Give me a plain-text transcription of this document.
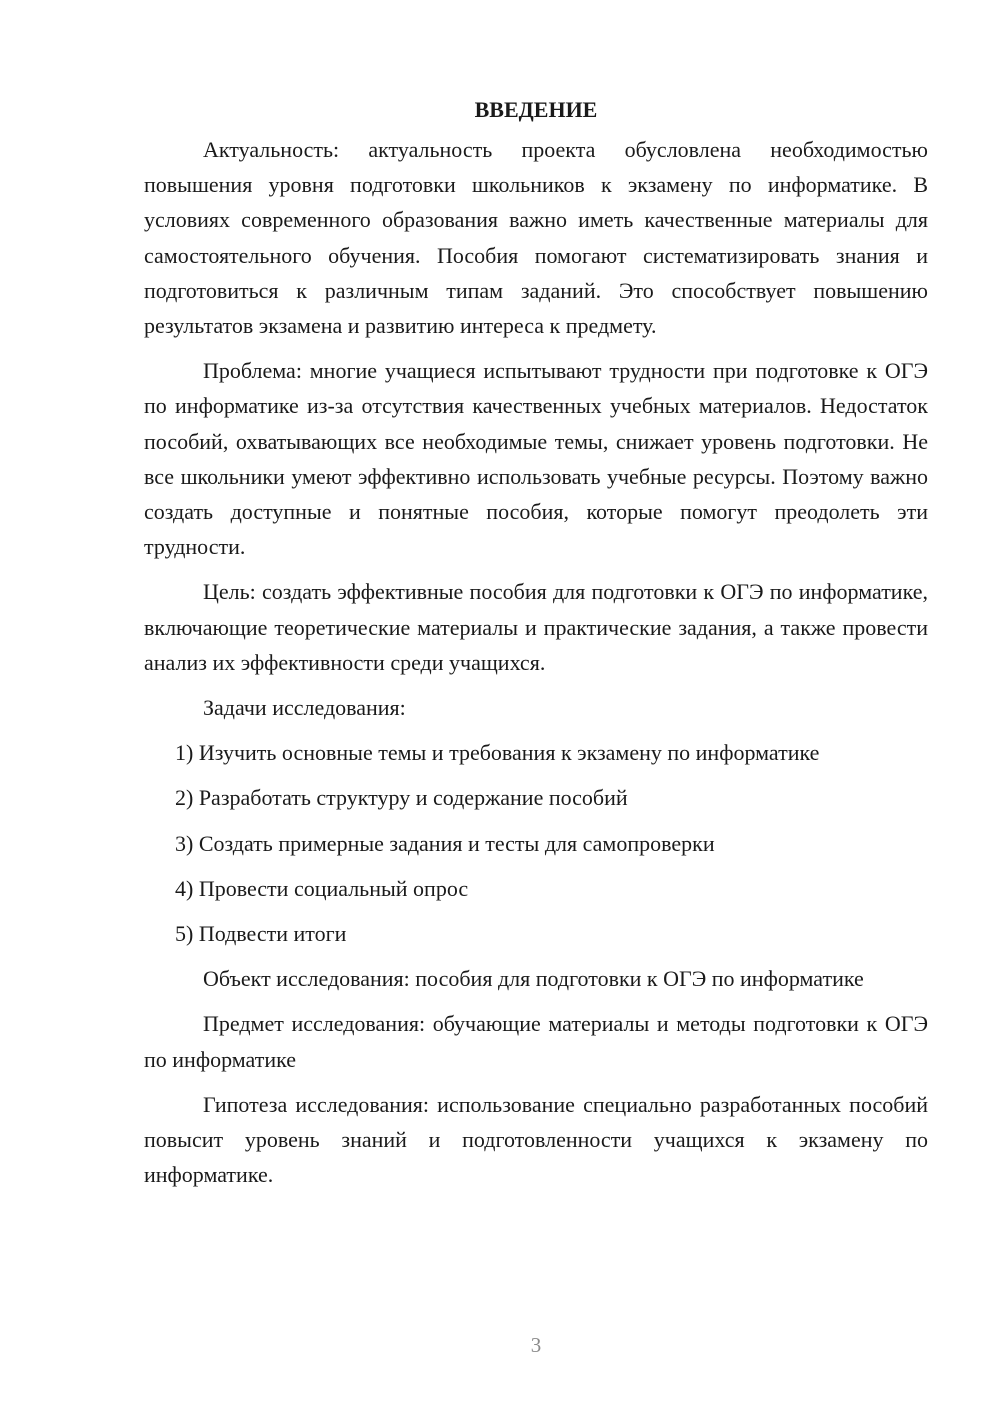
ВВЕДЕНИЕ

Актуальность: актуальность проекта обусловлена необходимостью повышения уровня подготовки школьников к экзамену по информатике. В условиях современного образования важно иметь качественные материалы для самостоятельного обучения. Пособия помогают систематизировать знания и подготовиться к различным типам заданий. Это способствует повышению результатов экзамена и развитию интереса к предмету.

Проблема: многие учащиеся испытывают трудности при подготовке к ОГЭ по информатике из-за отсутствия качественных учебных материалов. Недостаток пособий, охватывающих все необходимые темы, снижает уровень подготовки. Не все школьники умеют эффективно использовать учебные ресурсы. Поэтому важно создать доступные и понятные пособия, которые помогут преодолеть эти трудности.

Цель: создать эффективные пособия для подготовки к ОГЭ по информатике, включающие теоретические материалы и практические задания, а также провести анализ их эффективности среди учащихся.

Задачи исследования:

1) Изучить основные темы и требования к экзамену по информатике
2) Разработать структуру и содержание пособий
3) Создать примерные задания и тесты для самопроверки
4) Провести социальный опрос
5) Подвести итоги

Объект исследования: пособия для подготовки к ОГЭ по информатике

Предмет исследования: обучающие материалы и методы подготовки к ОГЭ по информатике

Гипотеза исследования: использование специально разработанных пособий повысит уровень знаний и подготовленности учащихся к экзамену по информатике.

3
